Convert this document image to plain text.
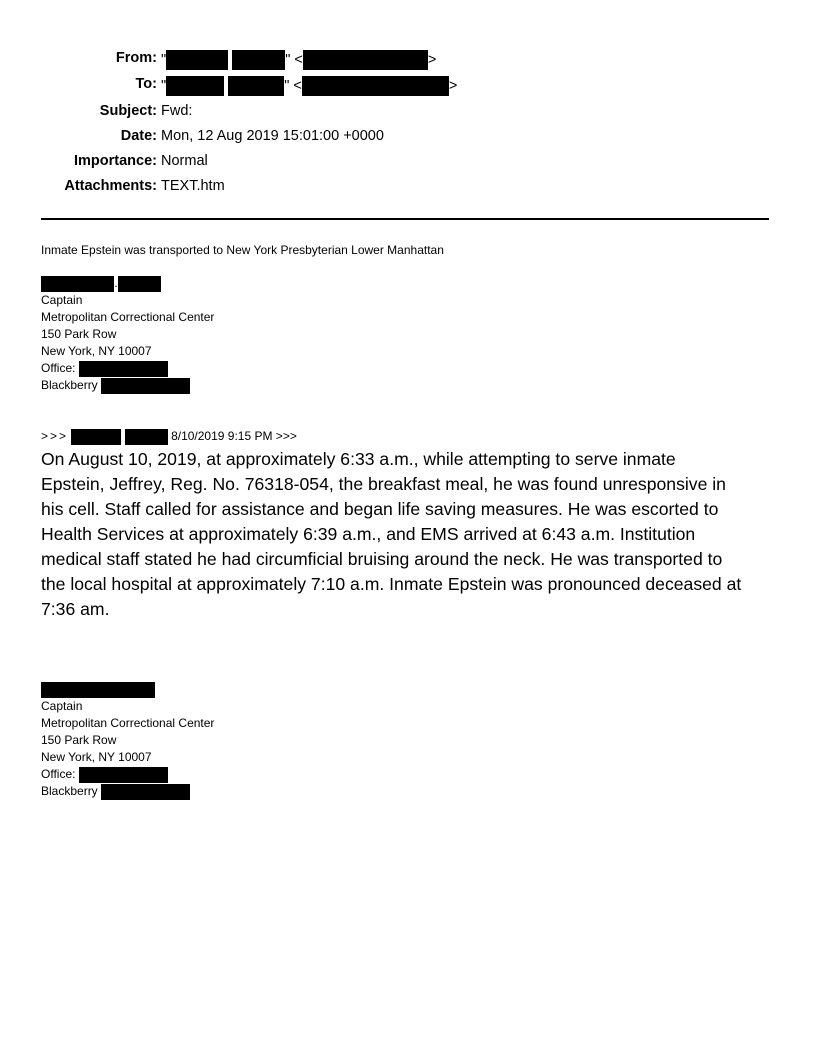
From: "	" <	>
To: "	" <	>
Subject: Fwd:
Date: Mon, 12 Aug 2019 15:01:00 +0000
Importance: Normal
Attachments: TEXT.htm
Inmate Epstein was transported to New York Presbyterian Lower Manhattan
.
Captain
Metropolitan Correctional Center
150 Park Row
New York, NY 10007
Office:
Blackberry
>>>	8/10/2019 9:15 PM >>>
On August 10, 2019, at approximately 6:33 a.m., while attempting to serve inmate
Epstein, Jeffrey, Reg. No. 76318-054, the breakfast meal, he was found unresponsive in
his cell. Staff called for assistance and began life saving measures. He was escorted to
Health Services at approximately 6:39 a.m., and EMS arrived at 6:43 a.m. Institution
medical staff stated he had circumficial bruising around the neck. He was transported to
the local hospital at approximately 7:10 a.m. Inmate Epstein was pronounced deceased at
7:36 am.
Captain
Metropolitan Correctional Center
150 Park Row
New York, NY 10007
Office:
Blackberry
